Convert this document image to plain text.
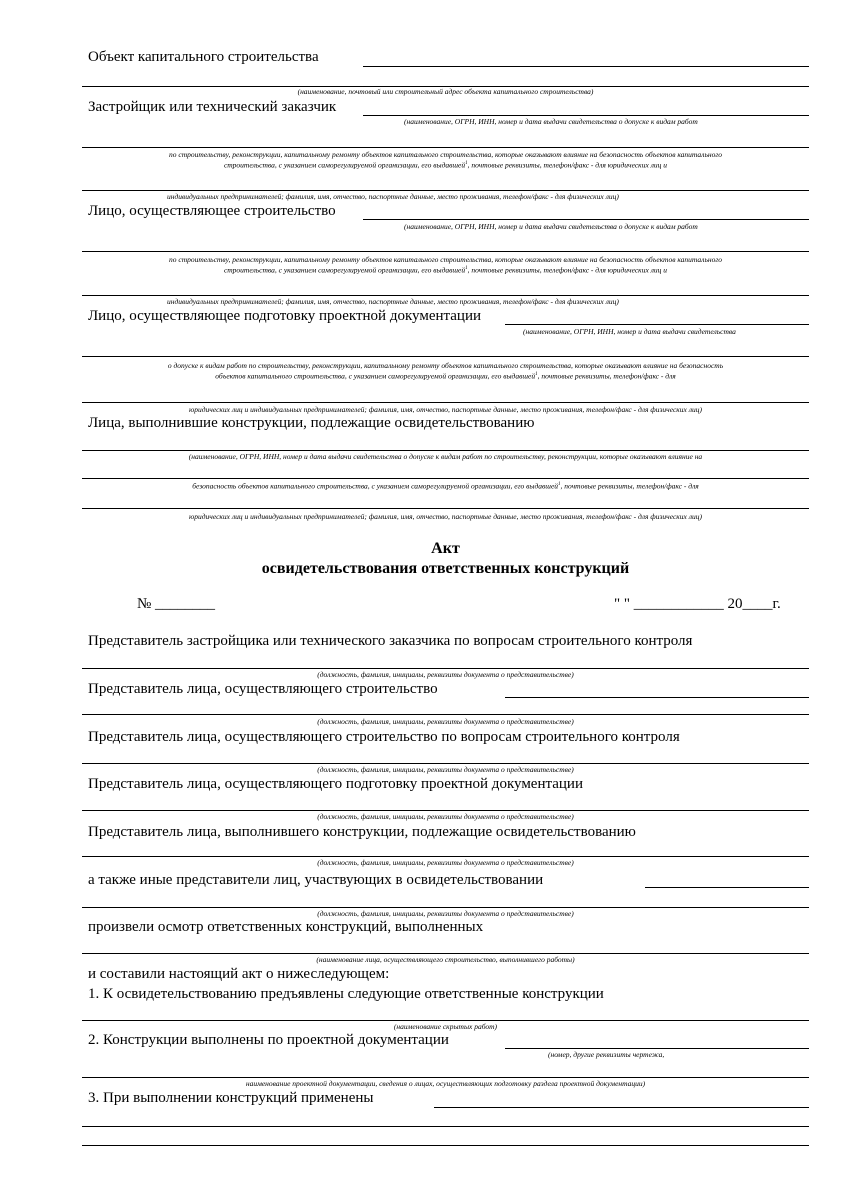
Объект капитального строительства
(наименование, почтовый или строительный адрес объекта капитального строительства)
Застройщик или технический заказчик
(наименование, ОГРН, ИНН, номер и дата выдачи свидетельства о допуске к видам работ
по строительству, реконструкции, капитальному ремонту объектов капитального строительства, которые оказывают влияние на безопасность объектов капитального
строительства, с указанием саморегулируемой организации, его выдавшей$^1$, почтовые реквизиты, телефон/факс - для юридических лиц и
индивидуальных предпринимателей; фамилия, имя, отчество, паспортные данные, место проживания, телефон/факс - для физических лиц)
Лицо, осуществляющее строительство
(наименование, ОГРН, ИНН, номер и дата выдачи свидетельства о допуске к видам работ
по строительству, реконструкции, капитальному ремонту объектов капитального строительства, которые оказывают влияние на безопасность объектов капитального
строительства, с указанием саморегулируемой организации, его выдавшей$^1$, почтовые реквизиты, телефон/факс - для юридических лиц и
индивидуальных предпринимателей; фамилия, имя, отчество, паспортные данные, место проживания, телефон/факс - для физических лиц)
Лицо, осуществляющее подготовку проектной документации
(наименование, ОГРН, ИНН, номер и дата выдачи свидетельства
о допуске к видам работ по строительству, реконструкции, капитальному ремонту объектов капитального строительства, которые оказывают влияние на безопасность
объектов капитального строительства, с указанием саморегулируемой организации, его выдавшей$^1$, почтовые реквизиты, телефон/факс - для
юридических лиц и индивидуальных предпринимателей; фамилия, имя, отчество, паспортные данные, место проживания, телефон/факс - для физических лиц)
Лица, выполнившие конструкции, подлежащие освидетельствованию
(наименование, ОГРН, ИНН, номер и дата выдачи свидетельства о допуске к видам работ по строительству, реконструкции, которые оказывают влияние на
безопасность объектов капитального строительства, с указанием саморегулируемой организации, его выдавшей$^1$, почтовые реквизиты, телефон/факс - для
юридических лиц и индивидуальных предпринимателей; фамилия, имя, отчество, паспортные данные, место проживания, телефон/факс - для физических лиц)
Акт
освидетельствования ответственных конструкций
№ ________	" " ____________ 20____г.
Представитель застройщика или технического заказчика по вопросам строительного контроля
(должность, фамилия, инициалы, реквизиты документа о представительстве)
Представитель лица, осуществляющего строительство
(должность, фамилия, инициалы, реквизиты документа о представительстве)
Представитель лица, осуществляющего строительство по вопросам строительного контроля
(должность, фамилия, инициалы, реквизиты документа о представительстве)
Представитель лица, осуществляющего подготовку проектной документации
(должность, фамилия, инициалы, реквизиты документа о представительстве)
Представитель лица, выполнившего конструкции, подлежащие освидетельствованию
(должность, фамилия, инициалы, реквизиты документа о представительстве)
а также иные представители лиц, участвующих в освидетельствовании
(должность, фамилия, инициалы, реквизиты документа о представительстве)
произвели осмотр ответственных конструкций, выполненных
(наименование лица, осуществляющего строительство, выполнившего работы)
и составили настоящий акт о нижеследующем:
1. К освидетельствованию предъявлены следующие ответственные конструкции
(наименование скрытых работ)
2. Конструкции выполнены по проектной документации
(номер, другие реквизиты чертежа,
наименование проектной документации, сведения о лицах, осуществляющих подготовку раздела проектной документации)
3. При выполнении конструкций применены
